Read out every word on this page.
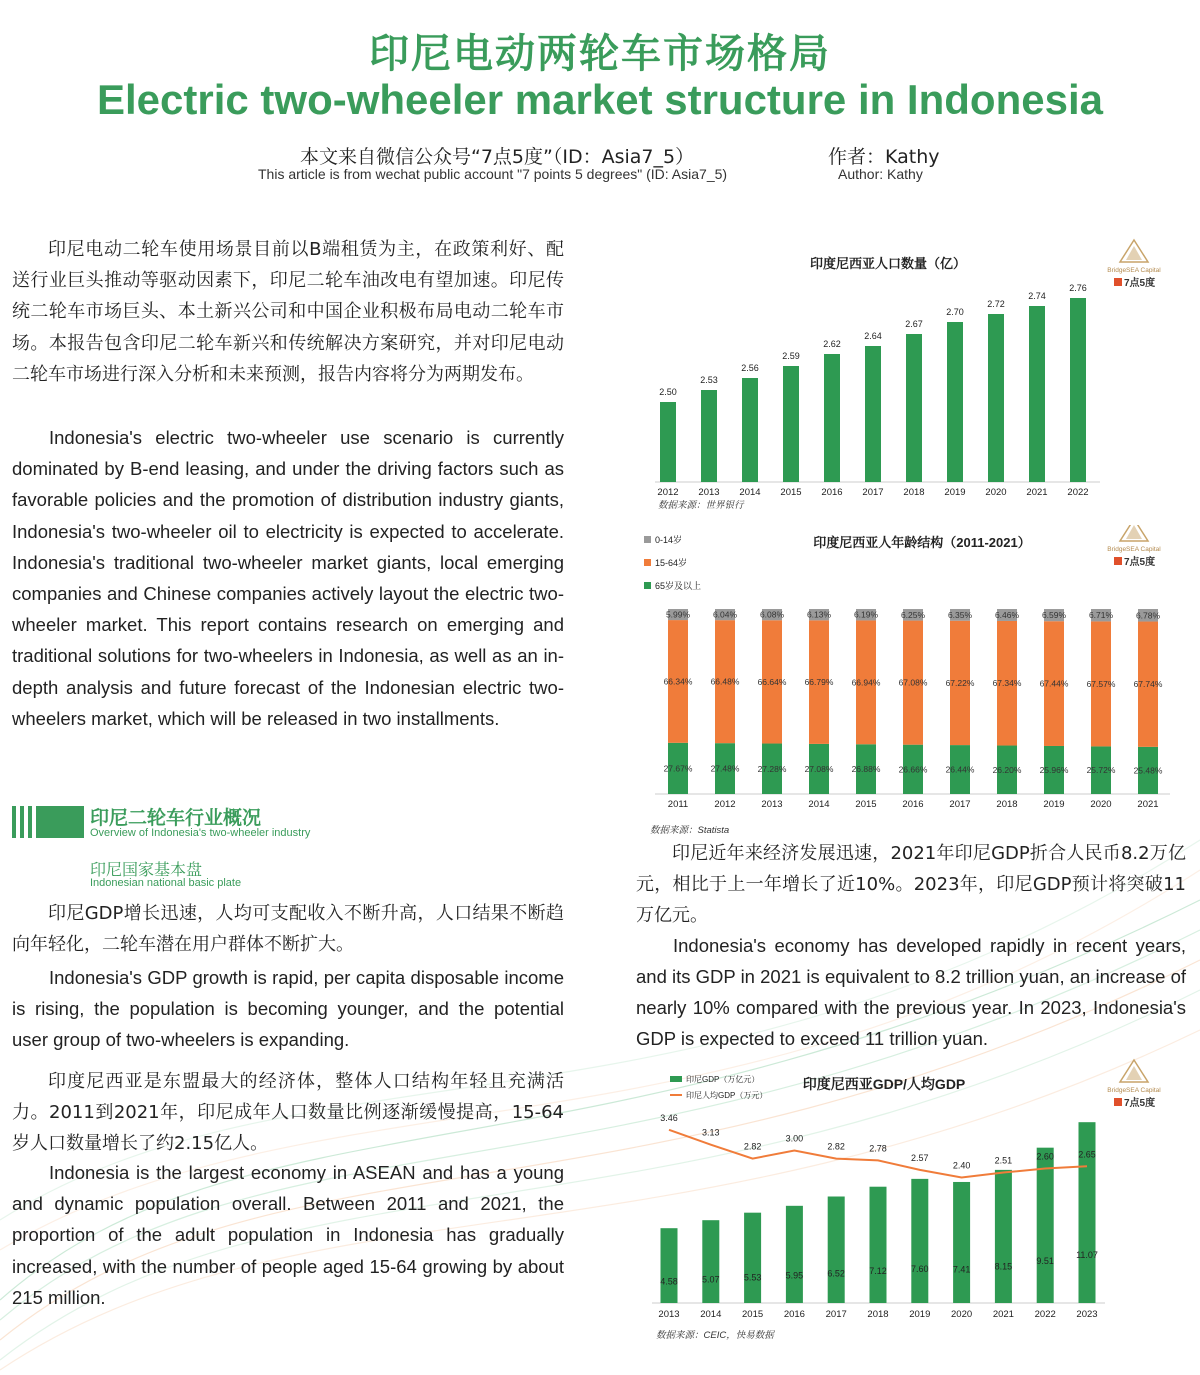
印尼电动两轮车市场格局
Electric two-wheeler market structure in Indonesia
本文来自微信公众号“7点5度”（ID：Asia7_5）
This article is from wechat public account "7 points 5 degrees" (ID: Asia7_5)
作者：Kathy
Author: Kathy

印尼电动二轮车使用场景目前以B端租赁为主，在政策利好、配送行业巨头推动等驱动因素下，印尼二轮车油改电有望加速。印尼传统二轮车市场巨头、本土新兴公司和中国企业积极布局电动二轮车市场。本报告包含印尼二轮车新兴和传统解决方案研究，并对印尼电动二轮车市场进行深入分析和未来预测，报告内容将分为两期发布。

Indonesia's electric two-wheeler use scenario is currently dominated by B-end leasing, and under the driving factors such as favorable policies and the promotion of distribution industry giants, Indonesia's two-wheeler oil to electricity is expected to accelerate. Indonesia's traditional two-wheeler market giants, local emerging companies and Chinese companies actively layout the electric two-wheeler market. This report contains research on emerging and traditional solutions for two-wheelers in Indonesia, as well as an in-depth analysis and future forecast of the Indonesian electric two-wheelers market, which will be released in two installments.

印尼二轮车行业概况
Overview of Indonesia's two-wheeler industry
印尼国家基本盘
Indonesian national basic plate

印尼GDP增长迅速，人均可支配收入不断升高，人口结果不断趋向年轻化，二轮车潜在用户群体不断扩大。

Indonesia's GDP growth is rapid, per capita disposable income is rising, the population is becoming younger, and the potential user group of two-wheelers is expanding.

印度尼西亚是东盟最大的经济体，整体人口结构年轻且充满活力。2011到2021年，印尼成年人口数量比例逐渐缓慢提高，15-64岁人口数量增长了约2.15亿人。

Indonesia is the largest economy in ASEAN and has a young and dynamic population overall. Between 2011 and 2021, the proportion of the adult population in Indonesia has gradually increased, with the number of people aged 15-64 growing by about 215 million.

印尼近年来经济发展迅速，2021年印尼GDP折合人民币8.2万亿元，相比于上一年增长了近10%。2023年，印尼GDP预计将突破11万亿元。

Indonesia's economy has developed rapidly in recent years, and its GDP in 2021 is equivalent to 8.2 trillion yuan, an increase of nearly 10% compared with the previous year. In 2023, Indonesia's GDP is expected to exceed 11 trillion yuan.

印度尼西亚人口数量（亿）	BridgeSEA Capital
7点5度
2.50
2012
2.53
2013
2.56
2014
2.59
2015
2.62
2016
2.64
2017
2.67
2018
2.70
2019
2.72
2020
2.74
2021
2.76
2022
数据来源：世界银行
印度尼西亚人年龄结构（2011-2021）	BridgeSEA Capital
7点5度
0-14岁
15-64岁
65岁及以上
27.67%
66.34%
5.99%
2011
27.48%
66.48%
6.04%
2012
27.28%
66.64%
6.08%
2013
27.08%
66.79%
6.13%
2014
26.88%
66.94%
6.19%
2015
26.66%
67.08%
6.25%
2016
26.44%
67.22%
6.35%
2017
26.20%
67.34%
6.46%
2018
25.96%
67.44%
6.59%
2019
25.72%
67.57%
6.71%
2020
25.48%
67.74%
6.78%
2021
数据来源：Statista
印度尼西亚GDP/人均GDP	BridgeSEA Capital
7点5度
印尼GDP（万亿元）
印尼人均GDP（万元）
4.58
2013
5.07
2014
5.53
2015
5.95
2016
6.52
2017
7.12
2018
7.60
2019
7.41
2020
8.15
2021
9.51
2022
11.07
2023
3.46
3.13
2.82
3.00
2.82	2.78
2.57
2.40	2.51	2.60	2.65
数据来源：CEIC，快易数据
